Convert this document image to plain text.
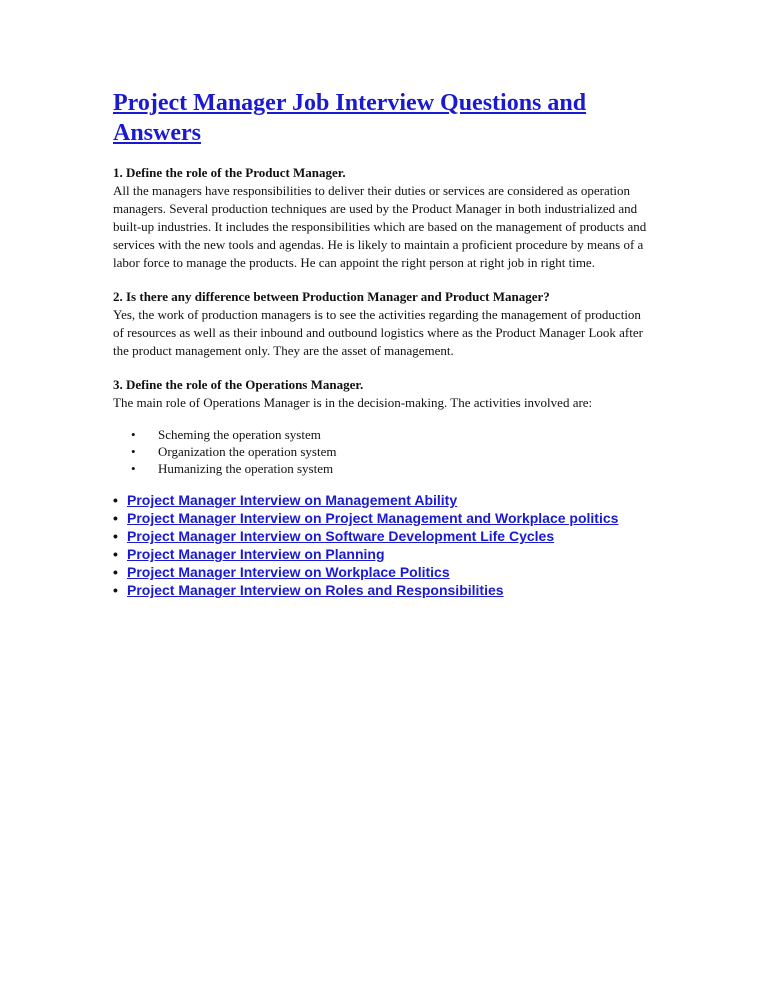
Project Manager Job Interview Questions and Answers

1. Define the role of the Product Manager.

All the managers have responsibilities to deliver their duties or services are considered as operation managers. Several production techniques are used by the Product Manager in both industrialized and built-up industries. It includes the responsibilities which are based on the management of products and services with the new tools and agendas. He is likely to maintain a proficient procedure by means of a labor force to manage the products. He can appoint the right person at right job in right time.

2. Is there any difference between Production Manager and Product Manager?

Yes, the work of production managers is to see the activities regarding the management of production of resources as well as their inbound and outbound logistics where as the Product Manager Look after the product management only. They are the asset of management.

3. Define the role of the Operations Manager.

The main role of Operations Manager is in the decision-making. The activities involved are:

• Scheming the operation system
• Organization the operation system
• Humanizing the operation system
• Project Manager Interview on Management Ability
• Project Manager Interview on Project Management and Workplace politics
• Project Manager Interview on Software Development Life Cycles
• Project Manager Interview on Planning
• Project Manager Interview on Workplace Politics
• Project Manager Interview on Roles and Responsibilities
